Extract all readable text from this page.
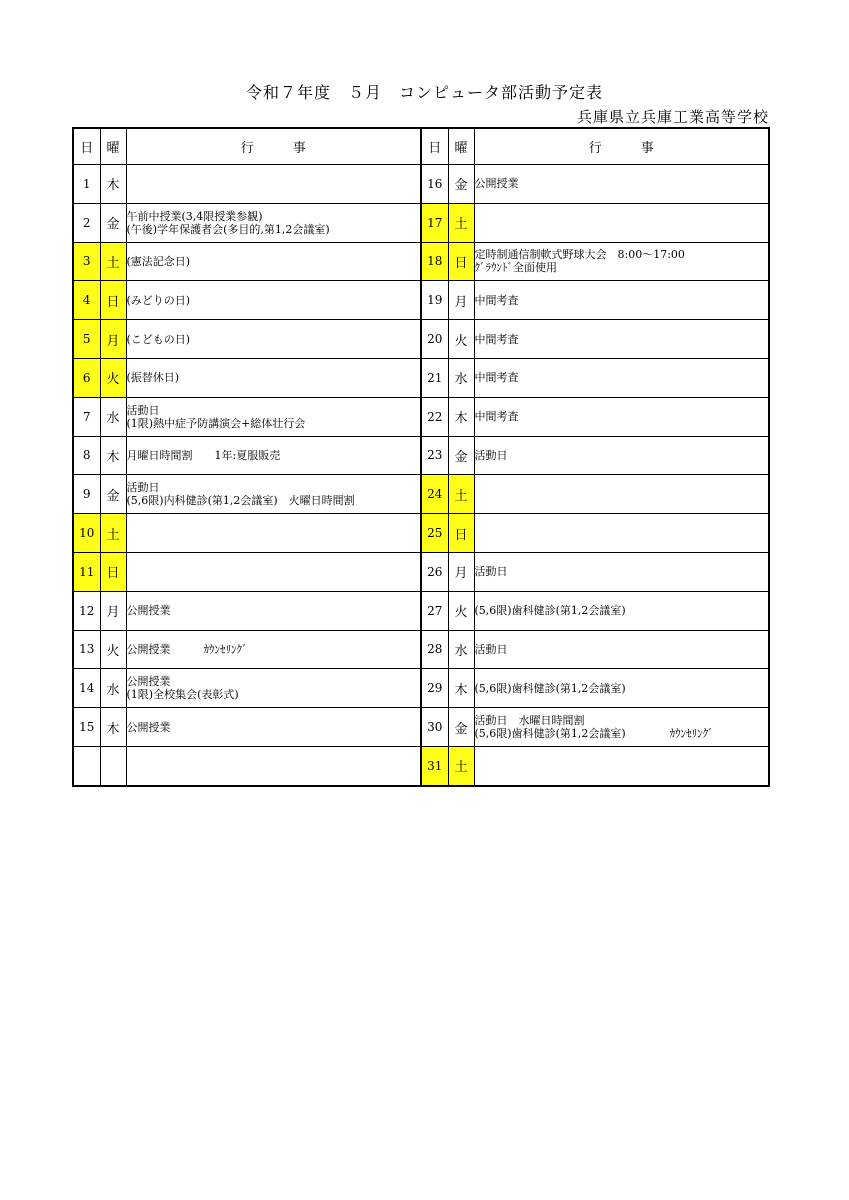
令和７年度　５月　コンピュータ部活動予定表
兵庫県立兵庫工業高等学校
日	曜	行　　　事	日	曜	行　　　事
1	木		16	金	公開授業

2	金	午前中授業(3,4限授業参観)
(午後)学年保護者会(多目的,第1,2会議室)	17	土	
3	土	(憲法記念日)	18	日	定時制通信制軟式野球大会　8:00～17:00
ｸﾞﾗｳﾝﾄﾞ全面使用

4	日	(みどりの日)	19	月	中間考査

5	月	(こどもの日)	20	火	中間考査

6	火	(振替休日)	21	水	中間考査

7	水	活動日
(1限)熱中症予防講演会+総体壮行会	22	木	中間考査

8	木	月曜日時間割　　1年:夏服販売	23	金	活動日

9	金	活動日
(5,6限)内科健診(第1,2会議室)　火曜日時間割	24	土	
10	土		25	日	
11	日		26	月	活動日

12	月	公開授業	27	火	(5,6限)歯科健診(第1,2会議室)

13	火	公開授業　　　ｶｳﾝｾﾘﾝｸﾞ	28	水	活動日

14	水	公開授業
(1限)全校集会(表彰式)	29	木	(5,6限)歯科健診(第1,2会議室)

15	木	公開授業	30	金	活動日　水曜日時間割
(5,6限)歯科健診(第1,2会議室)　　　　ｶｳﾝｾﾘﾝｸﾞ

			31	土	
